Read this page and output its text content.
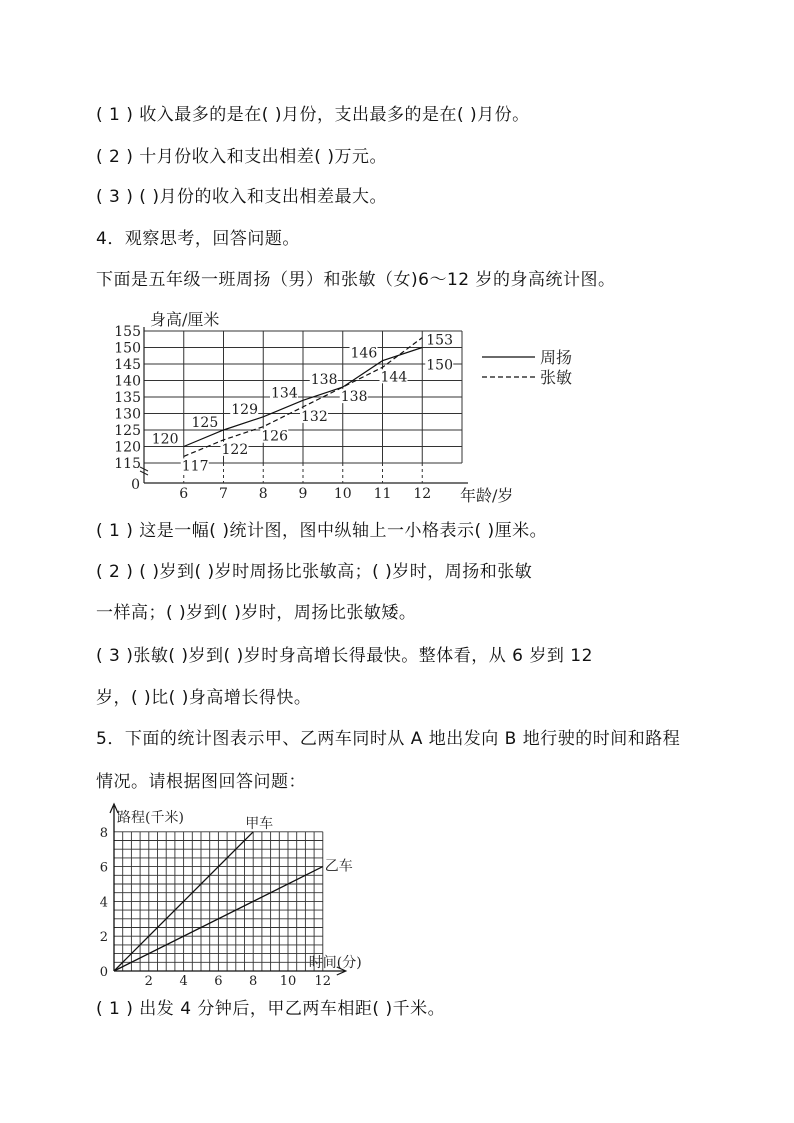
( 1 ) 收入最多的是在( )月份，支出最多的是在( )月份。
( 2 ) 十月份收入和支出相差( )万元。
( 3 ) ( )月份的收入和支出相差最大。
4．观察思考，回答问题。
下面是五年级一班周扬（男）和张敏（女)6～12 岁的身高统计图。
115
120
125
130
135
140
145
150
155
0
6 7 8 9 10 11 12
身高/厘米
年龄/岁
120
125
129
134
138
146
150
117
122
126
132
138
144
153
周扬
张敏
( 1 ) 这是一幅( )统计图，图中纵轴上一小格表示( )厘米。
( 2 ) ( )岁到( )岁时周扬比张敏高；( )岁时，周扬和张敏
一样高；( )岁到( )岁时，周扬比张敏矮。
( 3 )张敏( )岁到( )岁时身高增长得最快。整体看，从 6 岁到 12
岁，( )比( )身高增长得快。
5．下面的统计图表示甲、乙两车同时从 A 地出发向 B 地行驶的时间和路程
情况。请根据图回答问题：
2
4
6
8
2 4 6 8 10 12
0
路程(千米)
时间(分)
甲车
乙车
( 1 ) 出发 4 分钟后，甲乙两车相距( )千米。
